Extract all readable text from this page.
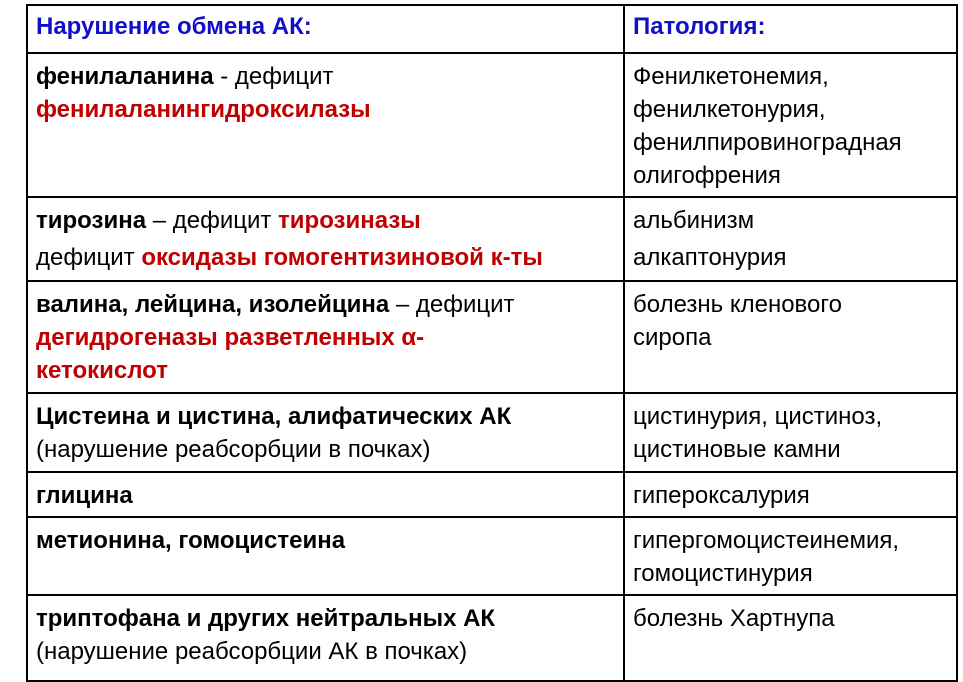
Нарушение обмена АК:	Патология:

фенилаланина - дефицит
фенилаланингидроксилазы	Фенилкетонемия,
фенилкетонурия,
фенилпировиноградная
олигофрения

тирозина – дефицит тирозиназы
дефицит оксидазы гомогентизиновой к-ты	альбинизм
алкаптонурия

валина, лейцина, изолейцина – дефицит
дегидрогеназы разветленных α-
кетокислот	болезнь кленового
сиропа

Цистеина и цистина, алифатических АК
(нарушение реабсорбции в почках)	цистинурия, цистиноз,
цистиновые камни

глицина	гипероксалурия

метионина, гомоцистеина	гипергомоцистеинемия,
гомоцистинурия

триптофана и других нейтральных АК
(нарушение реабсорбции АК в почках)	болезнь Хартнупа
